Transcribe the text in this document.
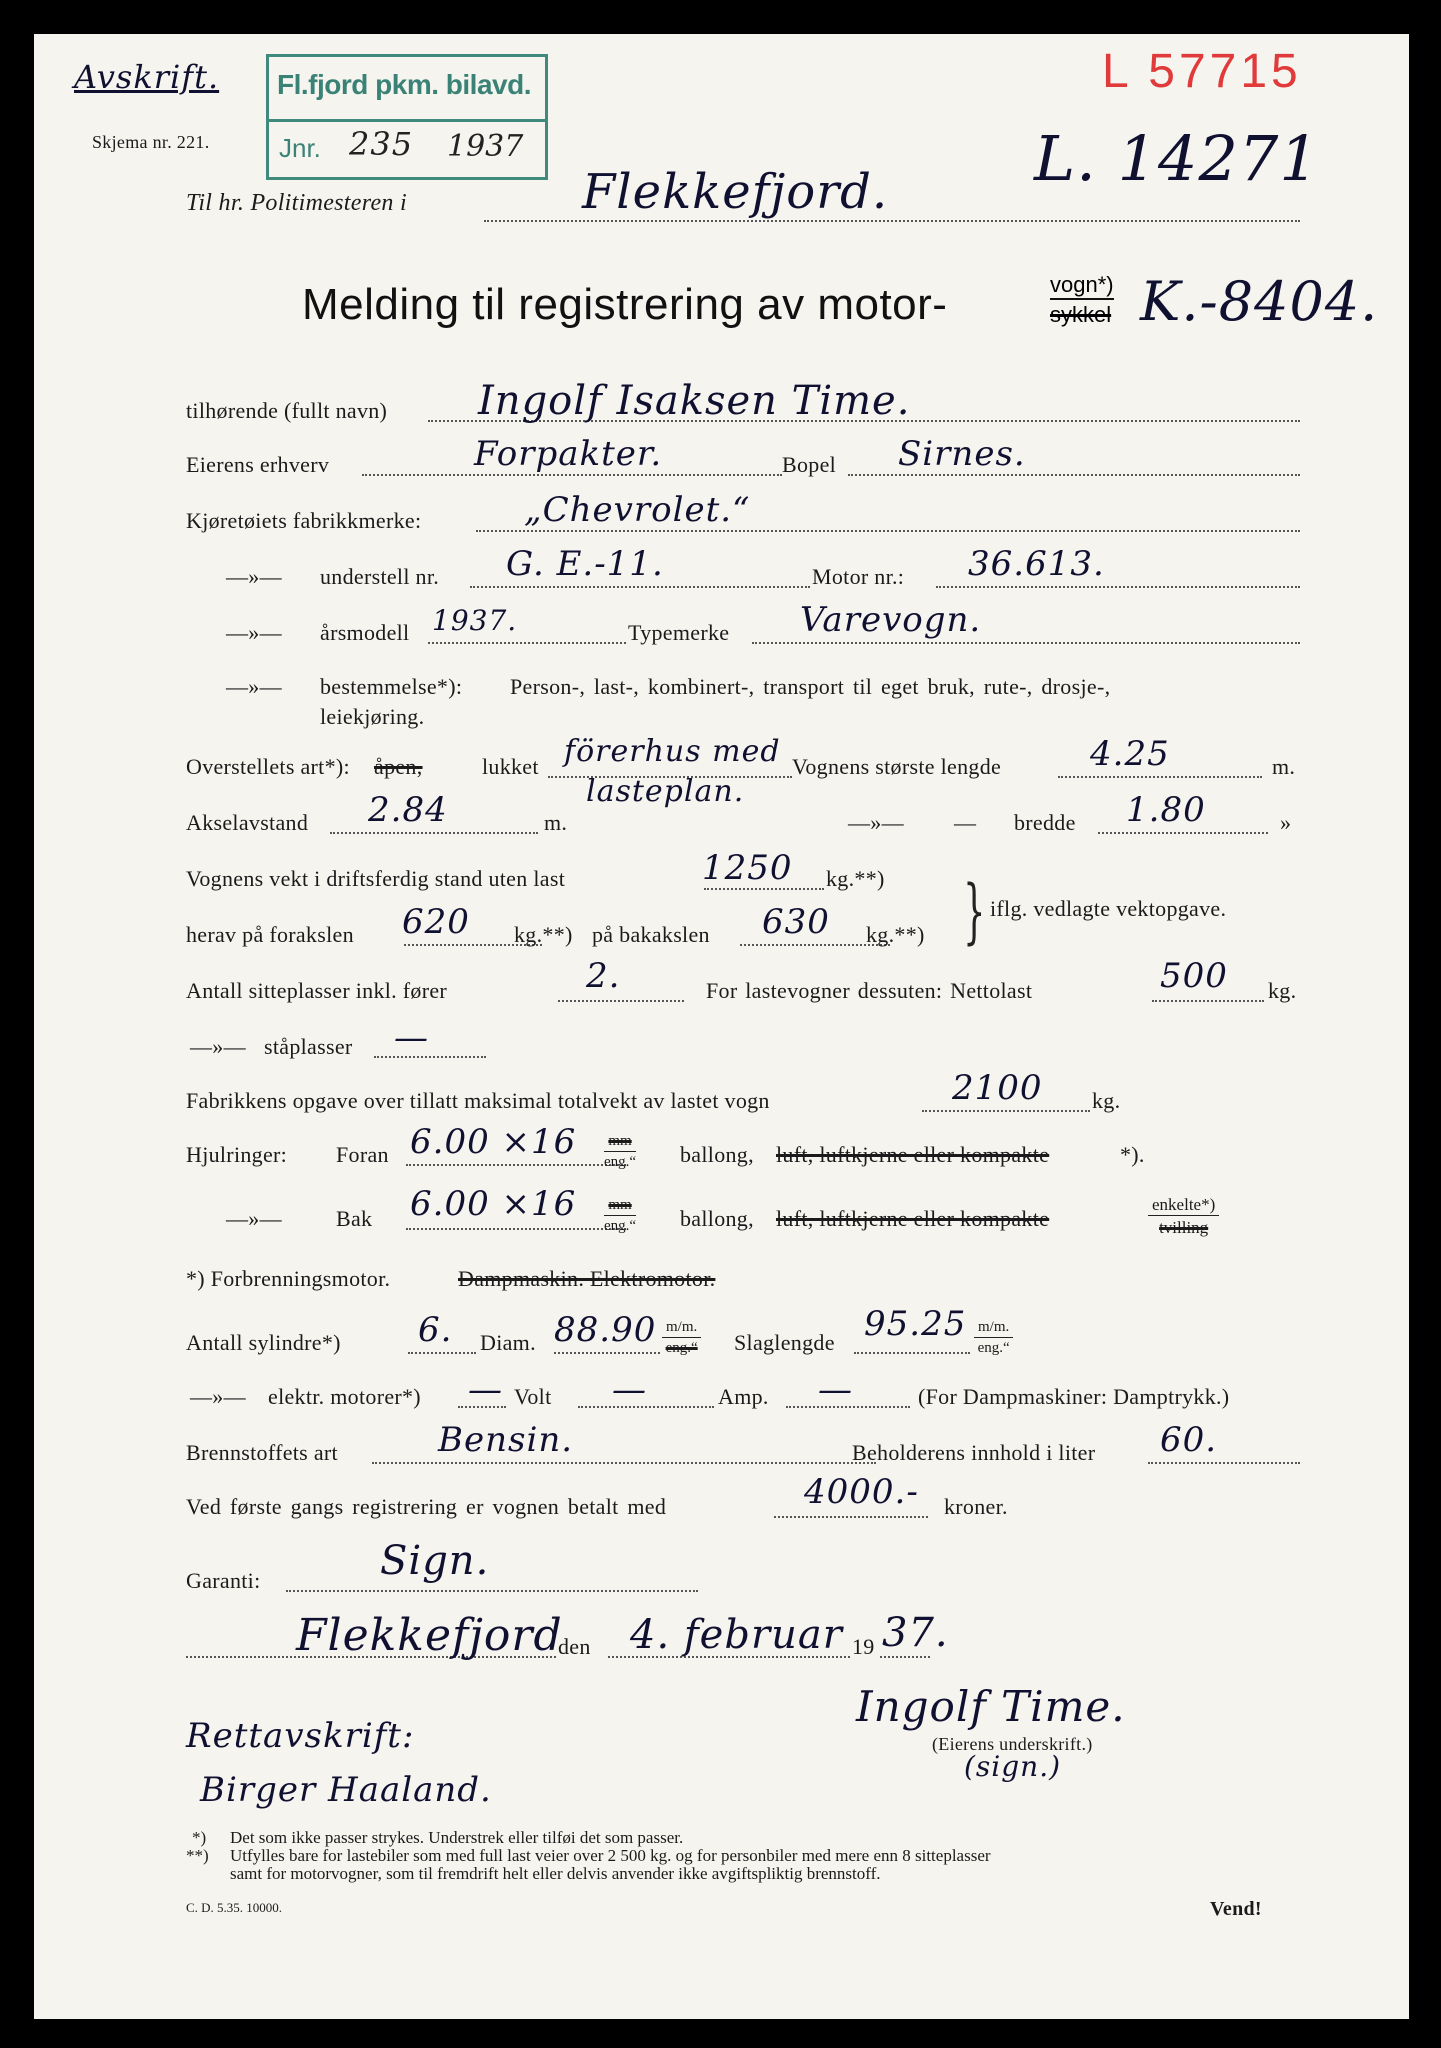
Avskrift.
Skjema nr. 221.
Fl.fjord pkm. bilavd.
Jnr. 235 1937
L 57715
L. 14271
Til hr. Politimesteren i	Flekkefjord.
Melding til registrering av motor-	vogn*)
sykkel K.-8404.
tilhørende (fullt navn) Ingolf Isaksen Time.
Eierens erhverv	Forpakter.	Bopel Sirnes.
Kjøretøiets fabrikkmerke:	„Chevrolet.“
—»— understell nr. G. E.-11.	Motor nr.: 36.613.
—»— årsmodell 1937.	Typemerke Varevogn.
—»— bestemmelse*): Person-, last-, kombinert-, transport til eget bruk, rute-, drosje-,
leiekjøring.
Overstellets art*): åpen,	lukket förerhus med
lasteplan.
Vognens største lengde	4.25	m.
Akselavstand 2.84	m.	—»— — bredde 1.80	»
Vognens vekt i driftsferdig stand uten last	1250 kg.**)
herav på forakslen 620 kg.**) på bakakslen 630 kg.**) } iflg. vedlagte vektopgave.
Antall sitteplasser inkl. fører	2.	For lastevogner dessuten: Nettolast	500 kg.
—»— ståplasser —
Fabrikkens opgave over tillatt maksimal totalvekt av lastet vogn	2100 kg.
Hjulringer: Foran 6.00 ×16 mm
eng.“ ballong, luft, luftkjerne eller kompakte	*).
—»— Bak 6.00 ×16 mm
eng.“ ballong, luft, luftkjerne eller kompakte
enkelte*)
tvilling
*) Forbrenningsmotor.	Dampmaskin. Elektromotor.
Antall sylindre*) 6. Diam. 88.90 m/m.
eng.“ Slaglengde 95.25 m/m.
eng.“
—»— elektr. motorer*) — Volt —	Amp. —	(For Dampmaskiner: Damptrykk.)
Brennstoffets art	Bensin.	Beholderens innhold i liter 60.
Ved første gangs registrering er vognen betalt med	4000.- kroner.
Garanti:	Sign.
Flekkefjord
den 4. februar 19 37.
Ingolf Time.
(Eierens underskrift.)
(sign.)
Rettavskrift:
Birger Haaland.
*) Det som ikke passer strykes. Understrek eller tilføi det som passer.
**) Utfylles bare for lastebiler som med full last veier over 2 500 kg. og for personbiler med mere enn 8 sitteplasser
samt for motorvogner, som til fremdrift helt eller delvis anvender ikke avgiftspliktig brennstoff.
C. D. 5.35. 10000.	Vend!
